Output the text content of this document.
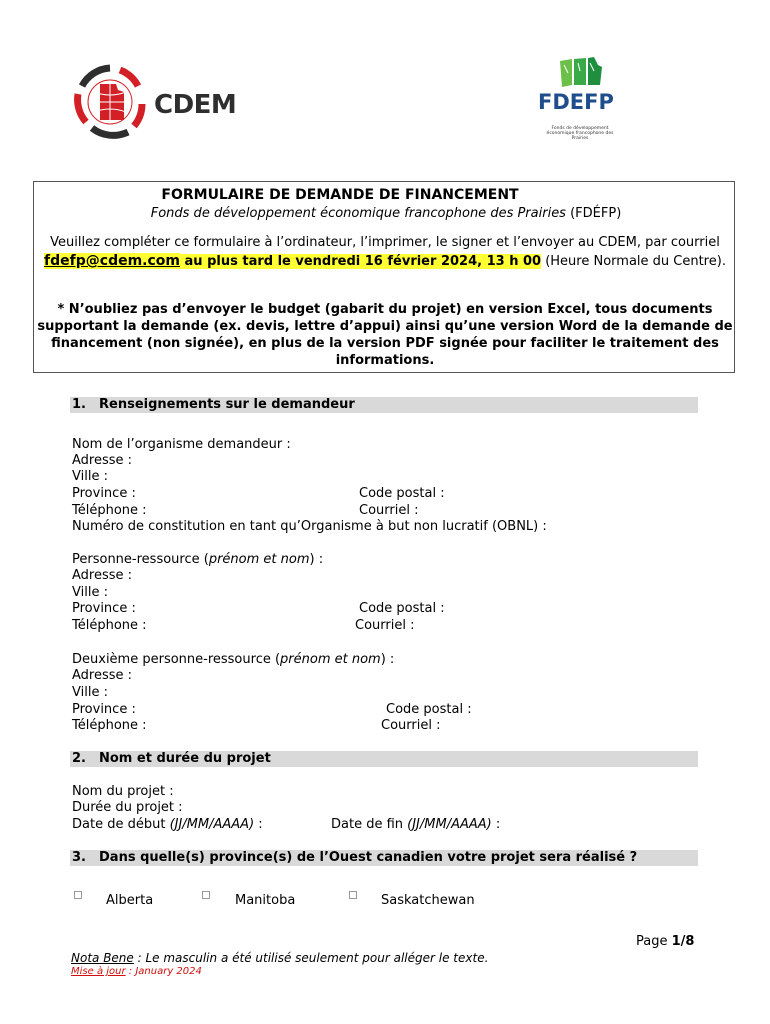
CDEM	FDEFP
Fonds de développement économique francophone des Prairies
FORMULAIRE DE DEMANDE DE FINANCEMENT
Fonds de développement économique francophone des Prairies (FDÉFP)
Veuillez compléter ce formulaire à l’ordinateur, l’imprimer, le signer et l’envoyer au CDEM, par courriel fdefp@cdem.com au plus tard le vendredi 16 février 2024, 13 h 00 (Heure Normale du Centre).
* N’oubliez pas d’envoyer le budget (gabarit du projet) en version Excel, tous documents supportant la demande (ex. devis, lettre d’appui) ainsi qu’une version Word de la demande de financement (non signée), en plus de la version PDF signée pour faciliter le traitement des informations.
1. Renseignements sur le demandeur
Nom de l’organisme demandeur :
Adresse :
Ville :
Province :	Code postal :
Téléphone :	Courriel :
Numéro de constitution en tant qu’Organisme à but non lucratif (OBNL) :
Personne-ressource (prénom et nom) :
Adresse :
Ville :
Province :	Code postal :
Téléphone :	Courriel :
Deuxième personne-ressource (prénom et nom) :
Adresse :
Ville :
Province :	Code postal :
Téléphone :	Courriel :
2. Nom et durée du projet
Nom du projet :
Durée du projet :
Date de début (JJ/MM/AAAA) :	Date de fin (JJ/MM/AAAA) :
3. Dans quelle(s) province(s) de l’Ouest canadien votre projet sera réalisé ?
Alberta	Manitoba	Saskatchewan
Page 1/8
Nota Bene : Le masculin a été utilisé seulement pour alléger le texte.
Mise à jour : January 2024
